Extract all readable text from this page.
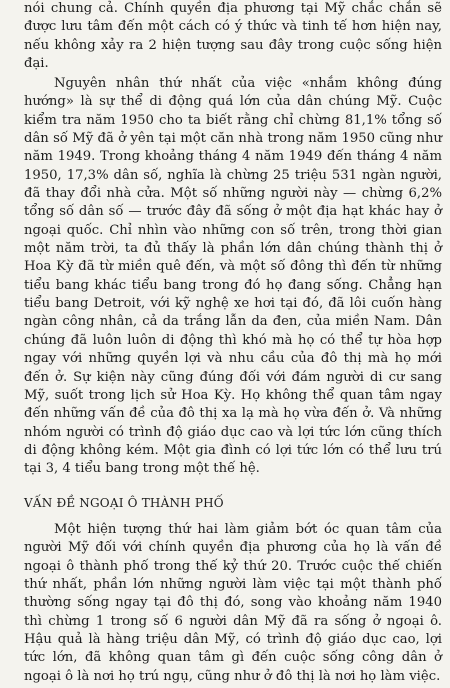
nói chung cả. Chính quyền địa phương tại Mỹ chắc chắn sẽ được lưu tâm đến một cách có ý thức và tinh tế hơn hiện nay, nếu không xảy ra 2 hiện tượng sau đây trong cuộc sống hiện đại.

Nguyên nhân thứ nhất của việc «nhắm không đúng hướng» là sự thể di động quá lớn của dân chúng Mỹ. Cuộc kiểm tra năm 1950 cho ta biết rằng chỉ chừng 81,1% tổng số dân số Mỹ đã ở yên tại một căn nhà trong năm 1950 cũng như năm 1949. Trong khoảng tháng 4 năm 1949 đến tháng 4 năm 1950, 17,3% dân số, nghĩa là chừng 25 triệu 531 ngàn người, đã thay đổi nhà cửa. Một số những người này — chừng 6,2% tổng số dân số — trước đây đã sống ở một địa hạt khác hay ở ngoại quốc. Chỉ nhìn vào những con số trên, trong thời gian một năm trời, ta đủ thấy là phần lớn dân chúng thành thị ở Hoa Kỳ đã từ miền quê đến, và một số đông thì đến từ những tiểu bang khác tiểu bang trong đó họ đang sống. Chẳng hạn tiểu bang Detroit, với kỹ nghệ xe hơi tại đó, đã lôi cuốn hàng ngàn công nhân, cả da trắng lẫn da đen, của miền Nam. Dân chúng đã luôn luôn di động thì khó mà họ có thể tự hòa hợp ngay với những quyền lợi và nhu cầu của đô thị mà họ mới đến ở. Sự kiện này cũng đúng đối với đám người di cư sang Mỹ, suốt trong lịch sử Hoa Kỳ. Họ không thể quan tâm ngay đến những vấn đề của đô thị xa lạ mà họ vừa đến ở. Và những nhóm người có trình độ giáo dục cao và lợi tức lớn cũng thích di động không kém. Một gia đình có lợi tức lớn có thể lưu trú tại 3, 4 tiểu bang trong một thế hệ.

VẤN ĐỀ NGOẠI Ô THÀNH PHỐ

Một hiện tượng thứ hai làm giảm bớt óc quan tâm của người Mỹ đối với chính quyền địa phương của họ là vấn đề ngoại ô thành phố trong thế kỷ thứ 20. Trước cuộc thế chiến thứ nhất, phần lớn những người làm việc tại một thành phố thường sống ngay tại đô thị đó, song vào khoảng năm 1940 thì chừng 1 trong số 6 người dân Mỹ đã ra sống ở ngoại ô. Hậu quả là hàng triệu dân Mỹ, có trình độ giáo dục cao, lợi tức lớn, đã không quan tâm gì đến cuộc sống công dân ở ngoại ô là nơi họ trú ngụ, cũng như ở đô thị là nơi họ làm việc.
